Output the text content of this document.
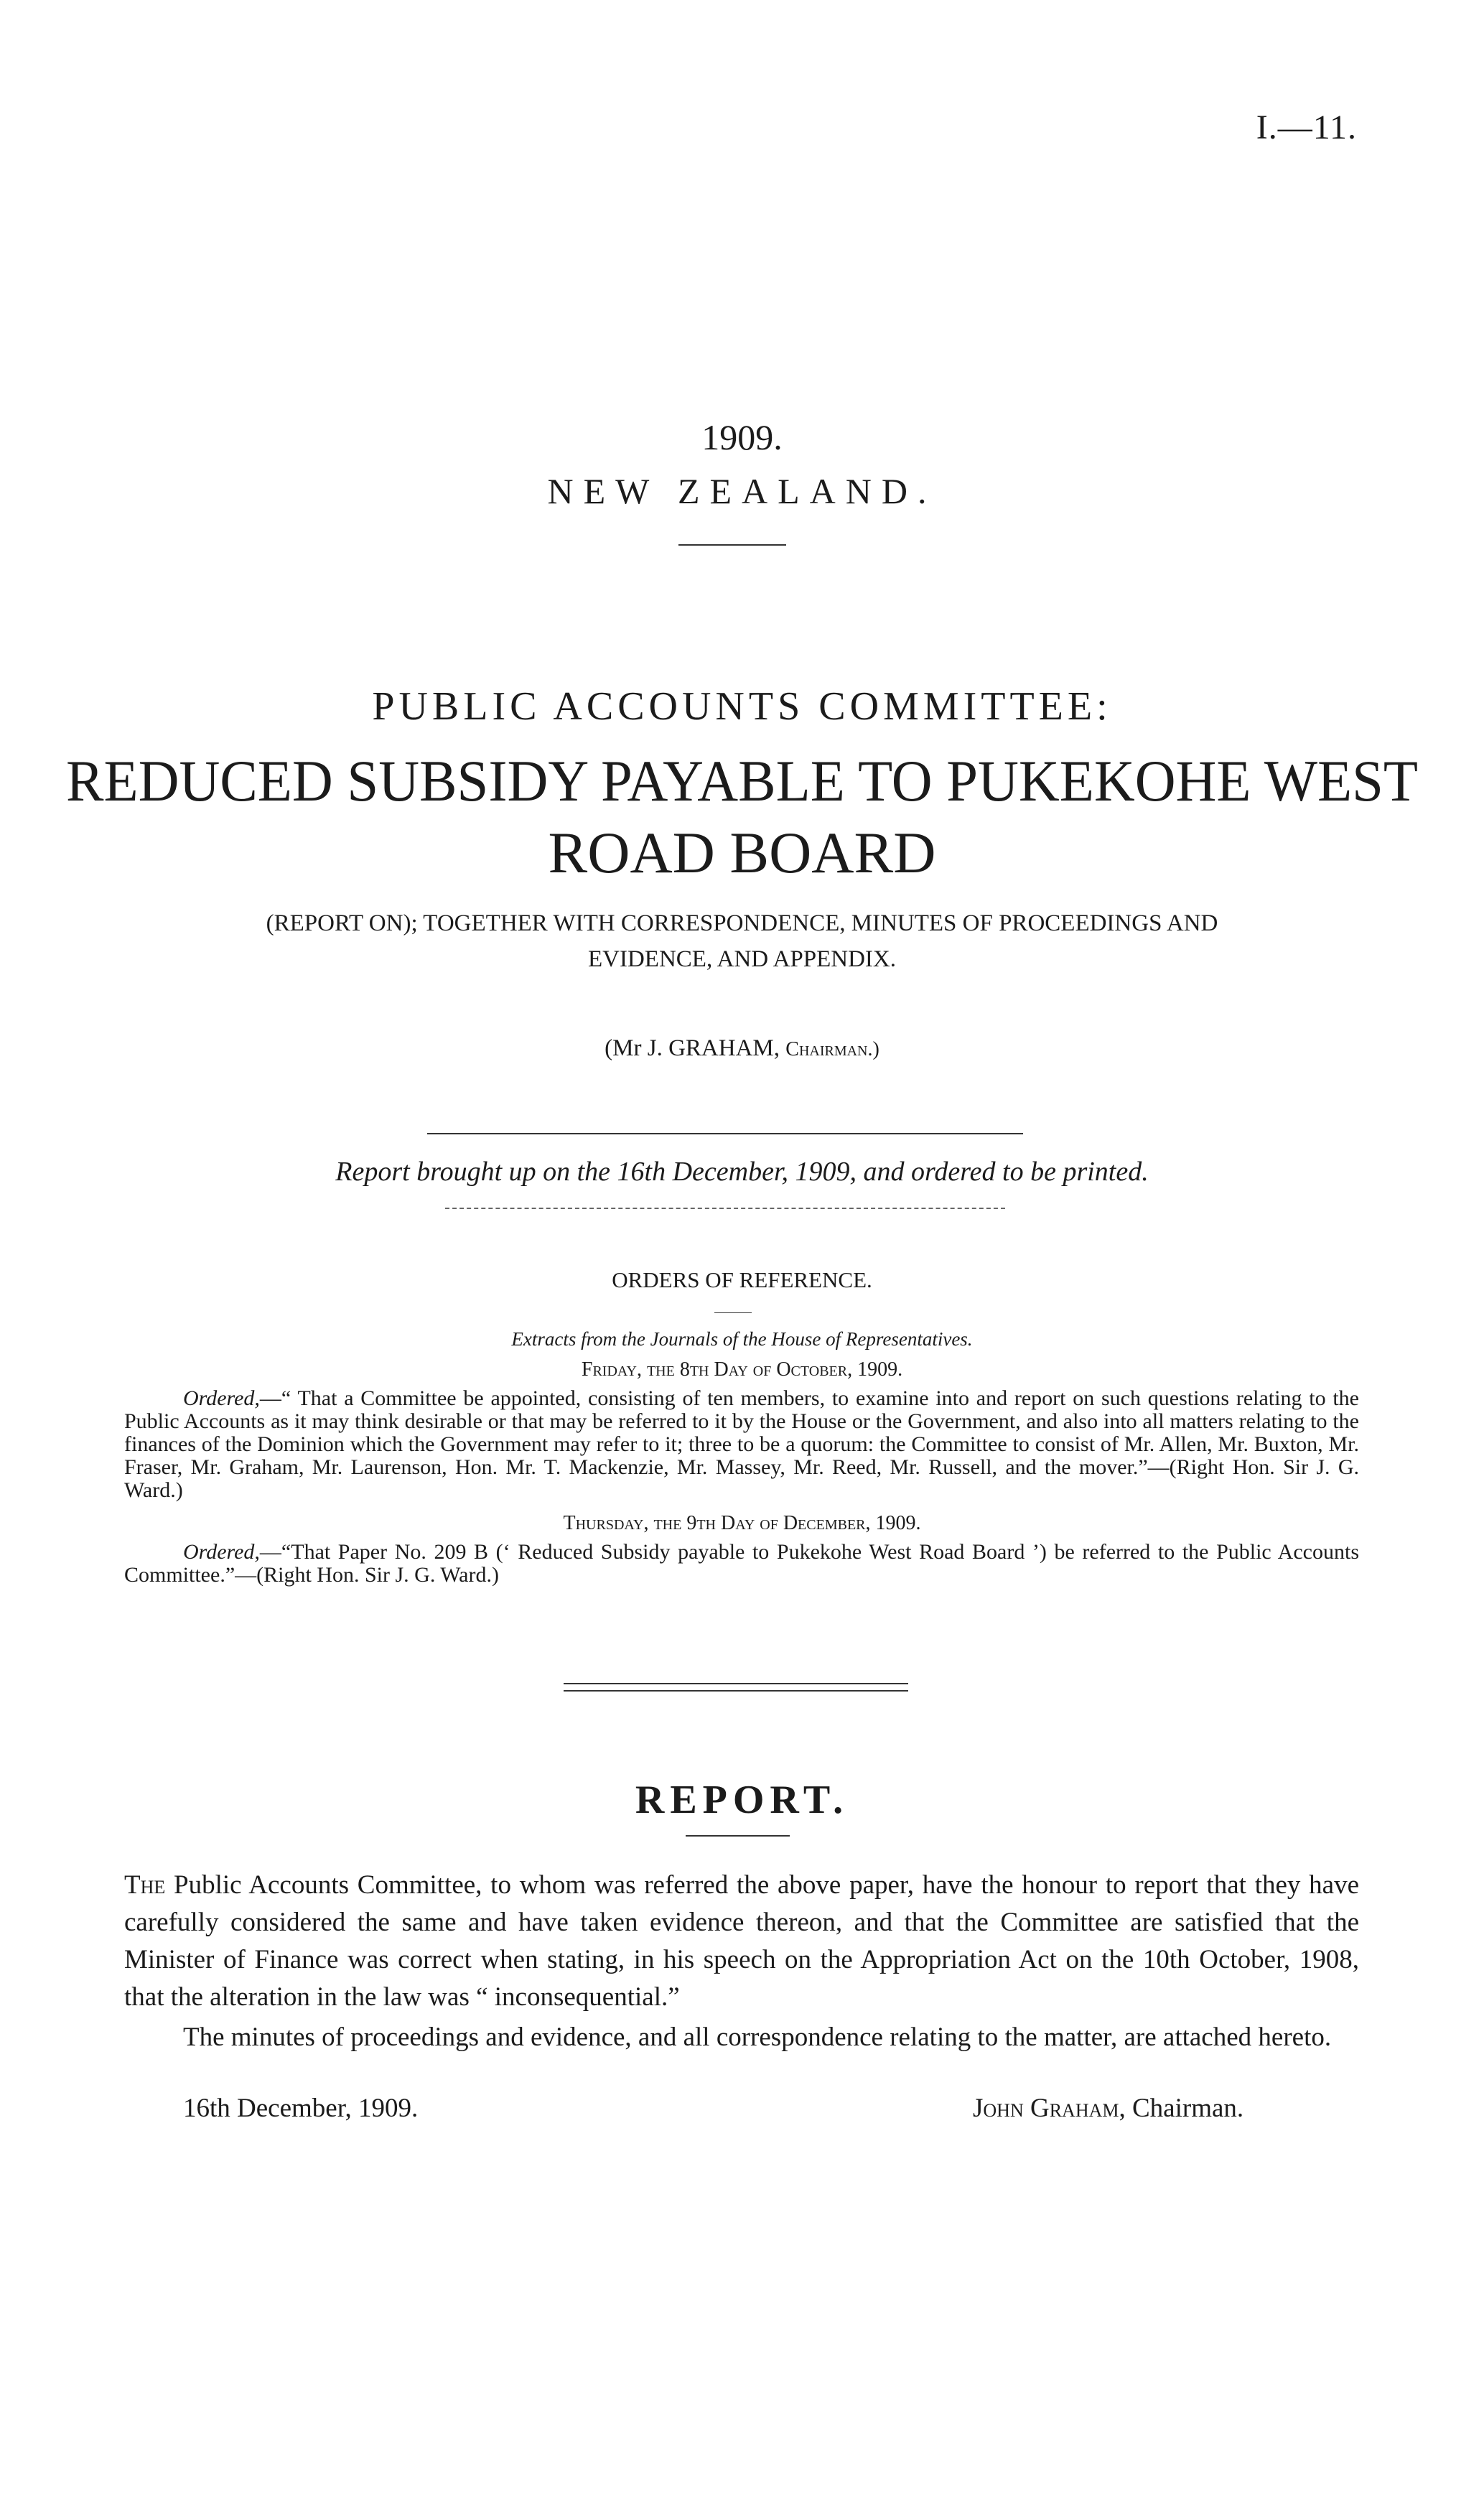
I.—11.
1909.
NEW ZEALAND.
PUBLIC ACCOUNTS COMMITTEE:
REDUCED SUBSIDY PAYABLE TO PUKEKOHE WEST
ROAD BOARD
(REPORT ON); TOGETHER WITH CORRESPONDENCE, MINUTES OF PROCEEDINGS AND
EVIDENCE, AND APPENDIX.
(Mr J. GRAHAM, Chairman.)
Report brought up on the 16th December, 1909, and ordered to be printed.
ORDERS OF REFERENCE.
Extracts from the Journals of the House of Representatives.
Friday, the 8th Day of October, 1909.
Ordered,—“ That a Committee be appointed, consisting of ten members, to examine into and report on such questions relating to the Public Accounts as it may think desirable or that may be referred to it by the House or the Government, and also into all matters relating to the finances of the Dominion which the Government may refer to it; three to be a quorum: the Committee to consist of Mr. Allen, Mr. Buxton, Mr. Fraser, Mr. Graham, Mr. Laurenson, Hon. Mr. T. Mackenzie, Mr. Massey, Mr. Reed, Mr. Russell, and the mover.”—(Right Hon. Sir J. G. Ward.)
Thursday, the 9th Day of December, 1909.
Ordered,—“That Paper No. 209 B (‘ Reduced Subsidy payable to Pukekohe West Road Board ’) be referred to the Public Accounts Committee.”—(Right Hon. Sir J. G. Ward.)
REPORT.
The Public Accounts Committee, to whom was referred the above paper, have the honour to report that they have carefully considered the same and have taken evidence thereon, and that the Committee are satisfied that the Minister of Finance was correct when stating, in his speech on the Appropriation Act on the 10th October, 1908, that the alteration in the law was “ inconsequential.”
The minutes of proceedings and evidence, and all correspondence relating to the matter, are attached hereto.
16th December, 1909.	John Graham, Chairman.
